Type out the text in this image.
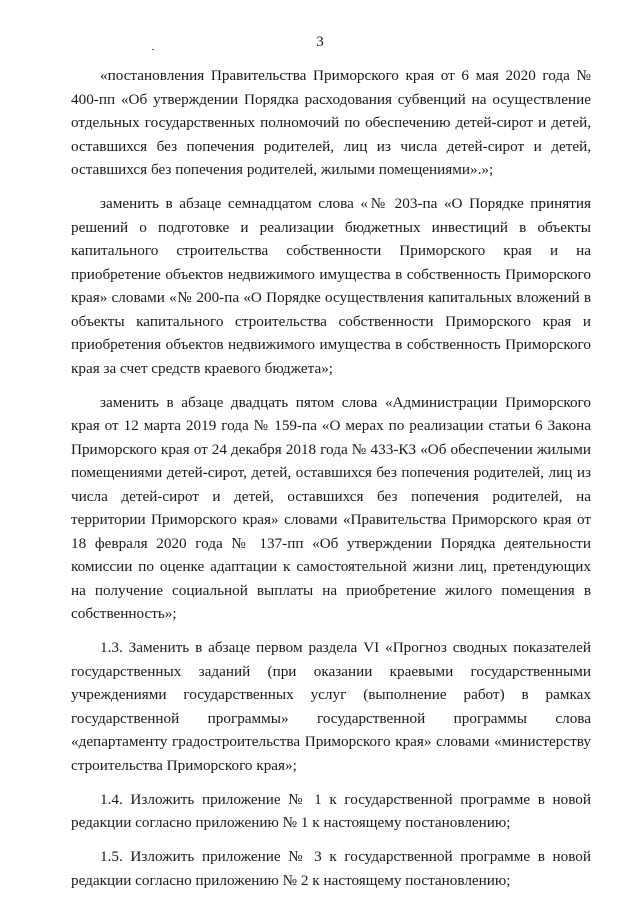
3

«постановления Правительства Приморского края от 6 мая 2020 года № 400-пп «Об утверждении Порядка расходования субвенций на осуществление отдельных государственных полномочий по обеспечению детей-сирот и детей, оставшихся без попечения родителей, лиц из числа детей-сирот и детей, оставшихся без попечения родителей, жилыми помещениями».»;

заменить в абзаце семнадцатом слова «№ 203-па «О Порядке принятия решений о подготовке и реализации бюджетных инвестиций в объекты капитального строительства собственности Приморского края и на приобретение объектов недвижимого имущества в собственность Приморского края» словами «№ 200-па «О Порядке осуществления капитальных вложений в объекты капитального строительства собственности Приморского края и приобретения объектов недвижимого имущества в собственность Приморского края за счет средств краевого бюджета»;

заменить в абзаце двадцать пятом слова «Администрации Приморского края от 12 марта 2019 года № 159-па «О мерах по реализации статьи 6 Закона Приморского края от 24 декабря 2018 года № 433-КЗ «Об обеспечении жилыми помещениями детей-сирот, детей, оставшихся без попечения родителей, лиц из числа детей-сирот и детей, оставшихся без попечения родителей, на территории Приморского края» словами «Правительства Приморского края от 18 февраля 2020 года № 137-пп «Об утверждении Порядка деятельности комиссии по оценке адаптации к самостоятельной жизни лиц, претендующих на получение социальной выплаты на приобретение жилого помещения в собственность»;

1.3. Заменить в абзаце первом раздела VI «Прогноз сводных показателей государственных заданий (при оказании краевыми государственными учреждениями государственных услуг (выполнение работ) в рамках государственной программы» государственной программы слова «департаменту градостроительства Приморского края» словами «министерству строительства Приморского края»;

1.4. Изложить приложение № 1 к государственной программе в новой редакции согласно приложению № 1 к настоящему постановлению;

1.5. Изложить приложение № 3 к государственной программе в новой редакции согласно приложению № 2 к настоящему постановлению;
